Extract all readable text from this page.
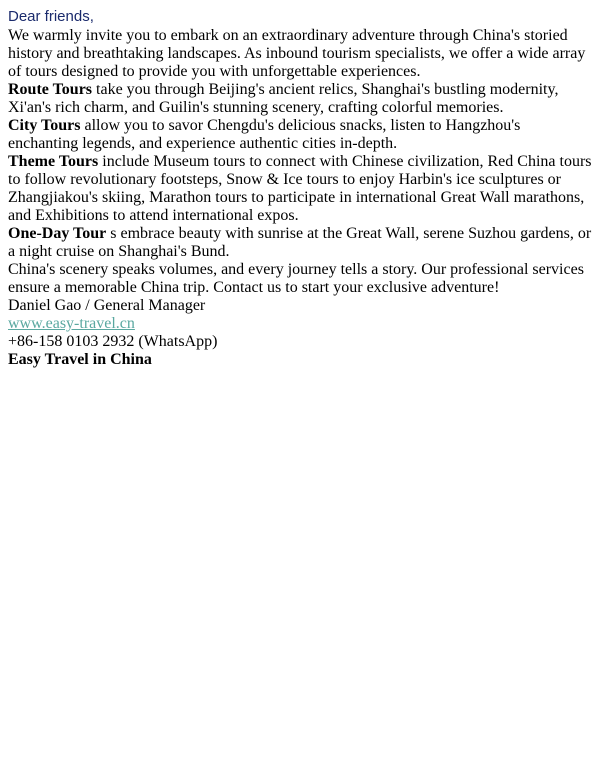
Dear friends,

We warmly invite you to embark on an extraordinary adventure through China's storied history and breathtaking landscapes. As inbound tourism specialists, we offer a wide array of tours designed to provide you with unforgettable experiences.

Route Tours take you through Beijing's ancient relics, Shanghai's bustling modernity, Xi'an's rich charm, and Guilin's stunning scenery, crafting colorful memories.

City Tours allow you to savor Chengdu's delicious snacks, listen to Hangzhou's enchanting legends, and experience authentic cities in-depth.

Theme Tours include Museum tours to connect with Chinese civilization, Red China tours to follow revolutionary footsteps, Snow & Ice tours to enjoy Harbin's ice sculptures or Zhangjiakou's skiing, Marathon tours to participate in international Great Wall marathons, and Exhibitions to attend international expos.

One-Day Tour s embrace beauty with sunrise at the Great Wall, serene Suzhou gardens, or a night cruise on Shanghai's Bund.

China's scenery speaks volumes, and every journey tells a story. Our professional services ensure a memorable China trip. Contact us to start your exclusive adventure!

Daniel Gao / General Manager

www.easy-travel.cn

+86-158 0103 2932 (WhatsApp)

Easy Travel in China
